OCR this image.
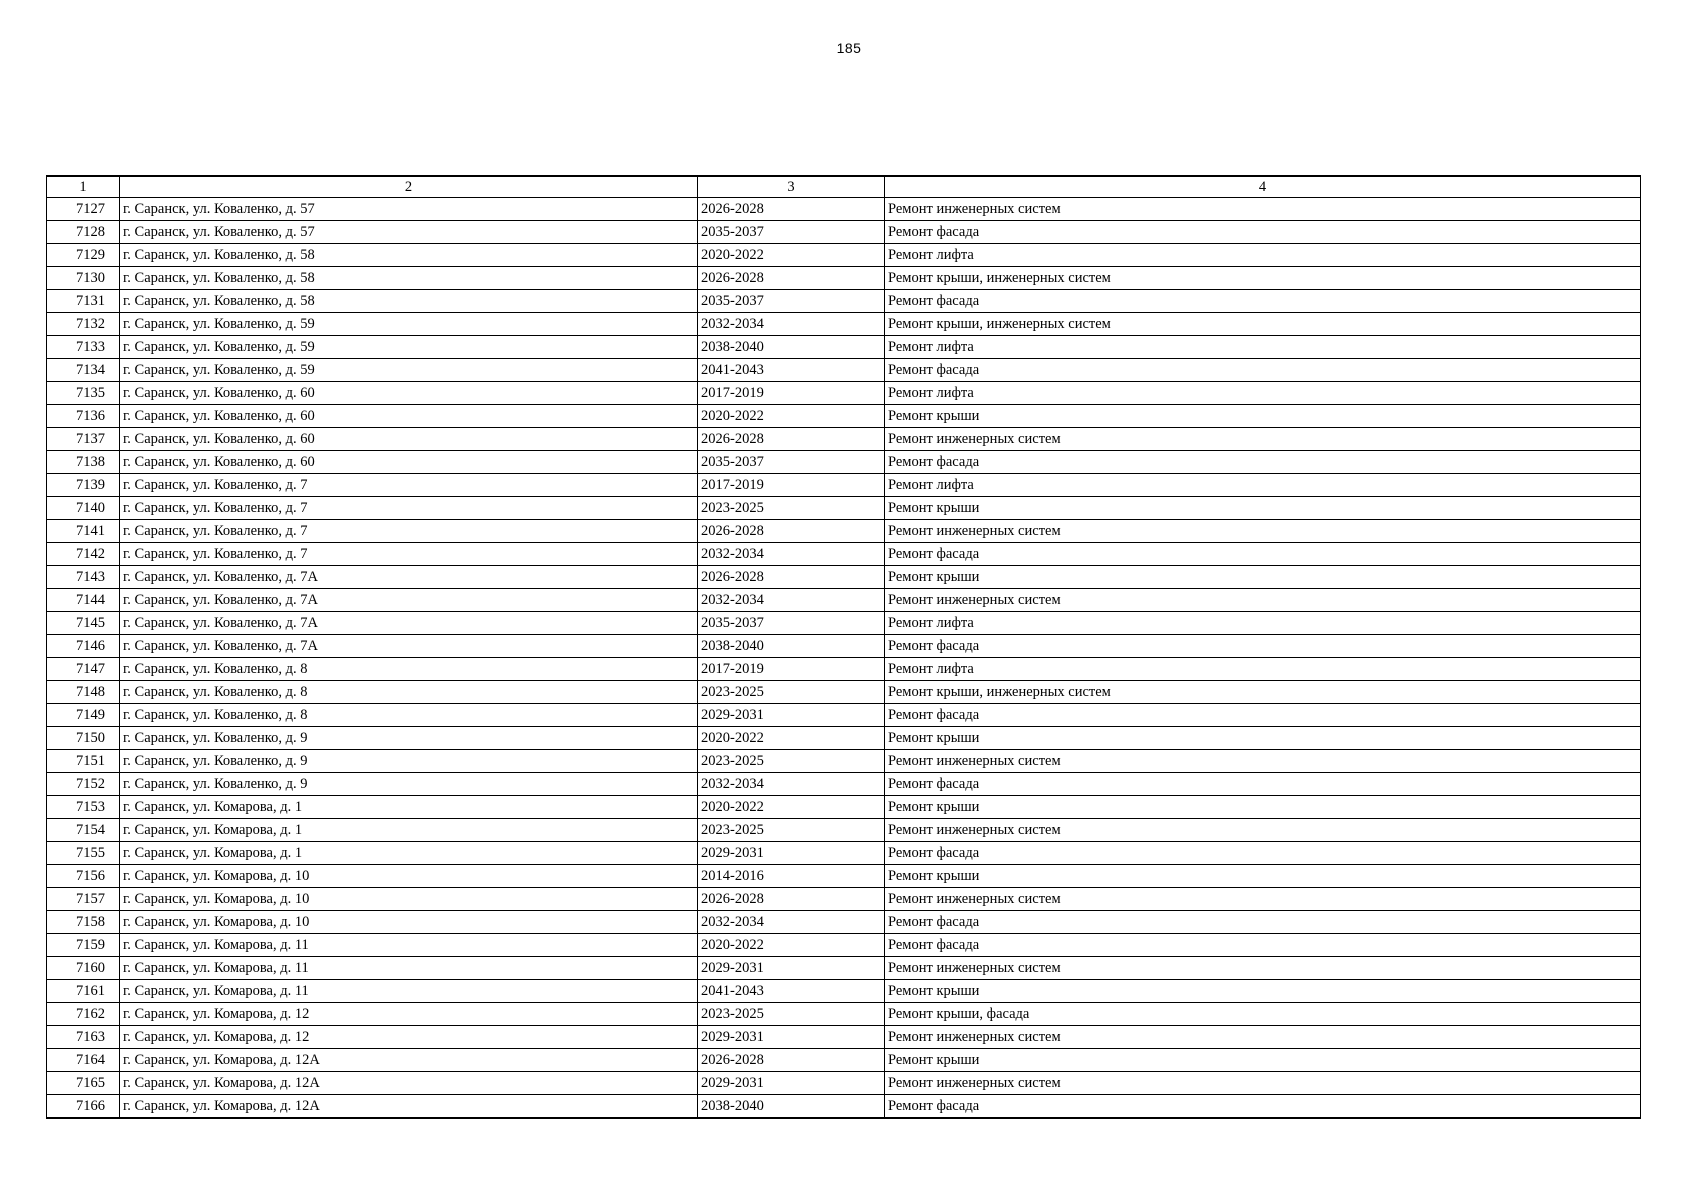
185
1	2	3	4
7127	г. Саранск, ул. Коваленко, д. 57	2026-2028	Ремонт инженерных систем
7128	г. Саранск, ул. Коваленко, д. 57	2035-2037	Ремонт фасада
7129	г. Саранск, ул. Коваленко, д. 58	2020-2022	Ремонт лифта
7130	г. Саранск, ул. Коваленко, д. 58	2026-2028	Ремонт крыши, инженерных систем
7131	г. Саранск, ул. Коваленко, д. 58	2035-2037	Ремонт фасада
7132	г. Саранск, ул. Коваленко, д. 59	2032-2034	Ремонт крыши, инженерных систем
7133	г. Саранск, ул. Коваленко, д. 59	2038-2040	Ремонт лифта
7134	г. Саранск, ул. Коваленко, д. 59	2041-2043	Ремонт фасада
7135	г. Саранск, ул. Коваленко, д. 60	2017-2019	Ремонт лифта
7136	г. Саранск, ул. Коваленко, д. 60	2020-2022	Ремонт крыши
7137	г. Саранск, ул. Коваленко, д. 60	2026-2028	Ремонт инженерных систем
7138	г. Саранск, ул. Коваленко, д. 60	2035-2037	Ремонт фасада
7139	г. Саранск, ул. Коваленко, д. 7	2017-2019	Ремонт лифта
7140	г. Саранск, ул. Коваленко, д. 7	2023-2025	Ремонт крыши
7141	г. Саранск, ул. Коваленко, д. 7	2026-2028	Ремонт инженерных систем
7142	г. Саранск, ул. Коваленко, д. 7	2032-2034	Ремонт фасада
7143	г. Саранск, ул. Коваленко, д. 7А	2026-2028	Ремонт крыши
7144	г. Саранск, ул. Коваленко, д. 7А	2032-2034	Ремонт инженерных систем
7145	г. Саранск, ул. Коваленко, д. 7А	2035-2037	Ремонт лифта
7146	г. Саранск, ул. Коваленко, д. 7А	2038-2040	Ремонт фасада
7147	г. Саранск, ул. Коваленко, д. 8	2017-2019	Ремонт лифта
7148	г. Саранск, ул. Коваленко, д. 8	2023-2025	Ремонт крыши, инженерных систем
7149	г. Саранск, ул. Коваленко, д. 8	2029-2031	Ремонт фасада
7150	г. Саранск, ул. Коваленко, д. 9	2020-2022	Ремонт крыши
7151	г. Саранск, ул. Коваленко, д. 9	2023-2025	Ремонт инженерных систем
7152	г. Саранск, ул. Коваленко, д. 9	2032-2034	Ремонт фасада
7153	г. Саранск, ул. Комарова, д. 1	2020-2022	Ремонт крыши
7154	г. Саранск, ул. Комарова, д. 1	2023-2025	Ремонт инженерных систем
7155	г. Саранск, ул. Комарова, д. 1	2029-2031	Ремонт фасада
7156	г. Саранск, ул. Комарова, д. 10	2014-2016	Ремонт крыши
7157	г. Саранск, ул. Комарова, д. 10	2026-2028	Ремонт инженерных систем
7158	г. Саранск, ул. Комарова, д. 10	2032-2034	Ремонт фасада
7159	г. Саранск, ул. Комарова, д. 11	2020-2022	Ремонт фасада
7160	г. Саранск, ул. Комарова, д. 11	2029-2031	Ремонт инженерных систем
7161	г. Саранск, ул. Комарова, д. 11	2041-2043	Ремонт крыши
7162	г. Саранск, ул. Комарова, д. 12	2023-2025	Ремонт крыши, фасада
7163	г. Саранск, ул. Комарова, д. 12	2029-2031	Ремонт инженерных систем
7164	г. Саранск, ул. Комарова, д. 12А	2026-2028	Ремонт крыши
7165	г. Саранск, ул. Комарова, д. 12А	2029-2031	Ремонт инженерных систем
7166	г. Саранск, ул. Комарова, д. 12А	2038-2040	Ремонт фасада
